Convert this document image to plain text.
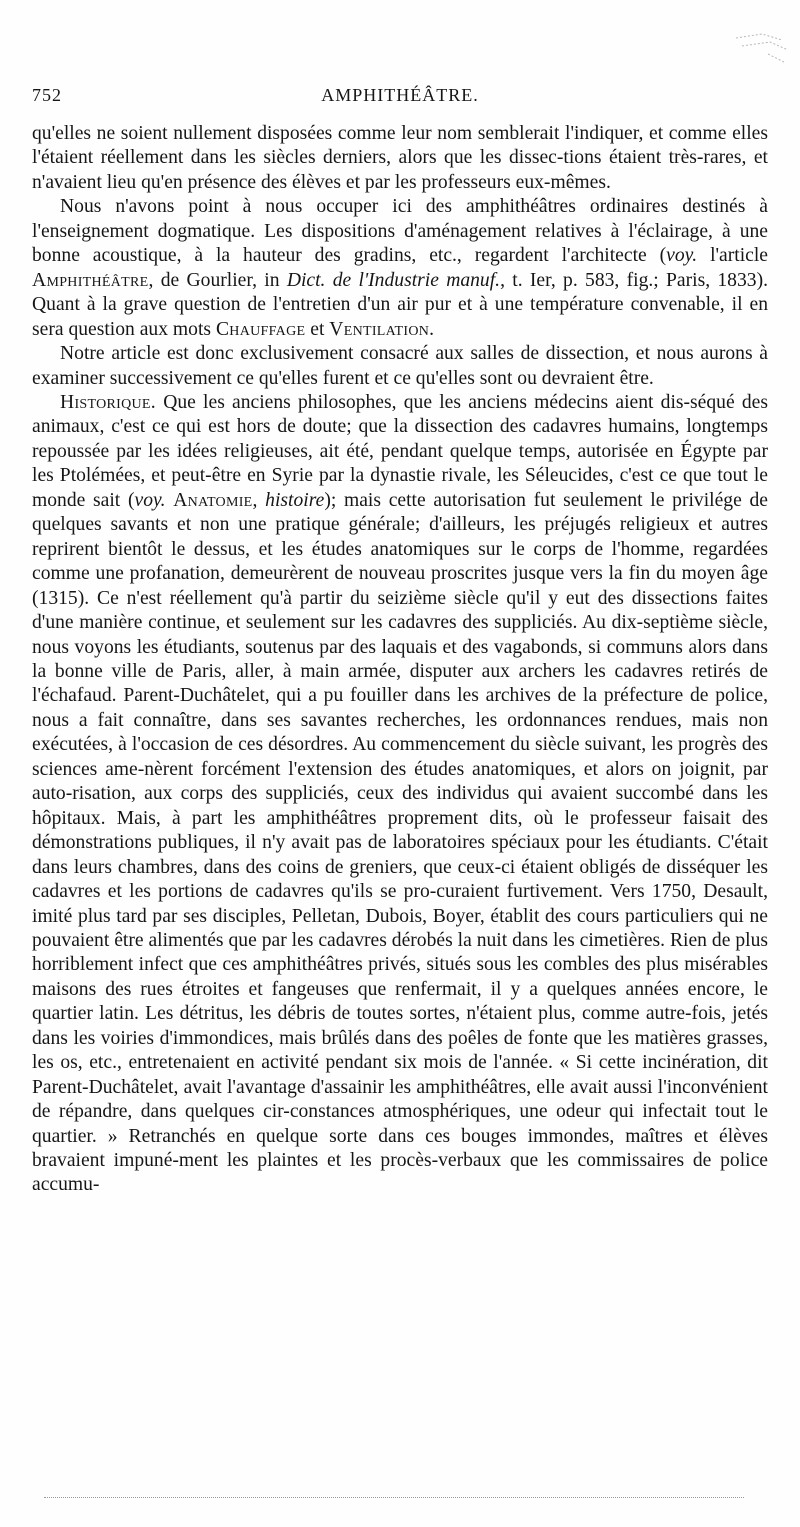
752	AMPHITHÉÂTRE.

qu'elles ne soient nullement disposées comme leur nom semblerait l'indiquer, et comme elles l'étaient réellement dans les siècles derniers, alors que les dissec-tions étaient très-rares, et n'avaient lieu qu'en présence des élèves et par les professeurs eux-mêmes.

Nous n'avons point à nous occuper ici des amphithéâtres ordinaires destinés à l'enseignement dogmatique. Les dispositions d'aménagement relatives à l'éclairage, à une bonne acoustique, à la hauteur des gradins, etc., regardent l'architecte (voy. l'article Amphithéâtre, de Gourlier, in Dict. de l'Industrie manuf., t. Ier, p. 583, fig.; Paris, 1833). Quant à la grave question de l'entretien d'un air pur et à une température convenable, il en sera question aux mots Chauffage et Ventilation.

Notre article est donc exclusivement consacré aux salles de dissection, et nous aurons à examiner successivement ce qu'elles furent et ce qu'elles sont ou devraient être.

Historique. Que les anciens philosophes, que les anciens médecins aient dis-séqué des animaux, c'est ce qui est hors de doute; que la dissection des cadavres humains, longtemps repoussée par les idées religieuses, ait été, pendant quelque temps, autorisée en Égypte par les Ptolémées, et peut-être en Syrie par la dynastie rivale, les Séleucides, c'est ce que tout le monde sait (voy. Anatomie, histoire); mais cette autorisation fut seulement le privilége de quelques savants et non une pratique générale; d'ailleurs, les préjugés religieux et autres reprirent bientôt le dessus, et les études anatomiques sur le corps de l'homme, regardées comme une profanation, demeurèrent de nouveau proscrites jusque vers la fin du moyen âge (1315). Ce n'est réellement qu'à partir du seizième siècle qu'il y eut des dissections faites d'une manière continue, et seulement sur les cadavres des suppliciés. Au dix-septième siècle, nous voyons les étudiants, soutenus par des laquais et des vagabonds, si communs alors dans la bonne ville de Paris, aller, à main armée, disputer aux archers les cadavres retirés de l'échafaud. Parent-Duchâtelet, qui a pu fouiller dans les archives de la préfecture de police, nous a fait connaître, dans ses savantes recherches, les ordonnances rendues, mais non exécutées, à l'occasion de ces désordres. Au commencement du siècle suivant, les progrès des sciences ame-nèrent forcément l'extension des études anatomiques, et alors on joignit, par auto-risation, aux corps des suppliciés, ceux des individus qui avaient succombé dans les hôpitaux. Mais, à part les amphithéâtres proprement dits, où le professeur faisait des démonstrations publiques, il n'y avait pas de laboratoires spéciaux pour les étudiants. C'était dans leurs chambres, dans des coins de greniers, que ceux-ci étaient obligés de disséquer les cadavres et les portions de cadavres qu'ils se pro-curaient furtivement. Vers 1750, Desault, imité plus tard par ses disciples, Pelletan, Dubois, Boyer, établit des cours particuliers qui ne pouvaient être alimentés que par les cadavres dérobés la nuit dans les cimetières. Rien de plus horriblement infect que ces amphithéâtres privés, situés sous les combles des plus misérables maisons des rues étroites et fangeuses que renfermait, il y a quelques années encore, le quartier latin. Les détritus, les débris de toutes sortes, n'étaient plus, comme autre-fois, jetés dans les voiries d'immondices, mais brûlés dans des poêles de fonte que les matières grasses, les os, etc., entretenaient en activité pendant six mois de l'année. « Si cette incinération, dit Parent-Duchâtelet, avait l'avantage d'assainir les amphithéâtres, elle avait aussi l'inconvénient de répandre, dans quelques cir-constances atmosphériques, une odeur qui infectait tout le quartier. » Retranchés en quelque sorte dans ces bouges immondes, maîtres et élèves bravaient impuné-ment les plaintes et les procès-verbaux que les commissaires de police accumu-
